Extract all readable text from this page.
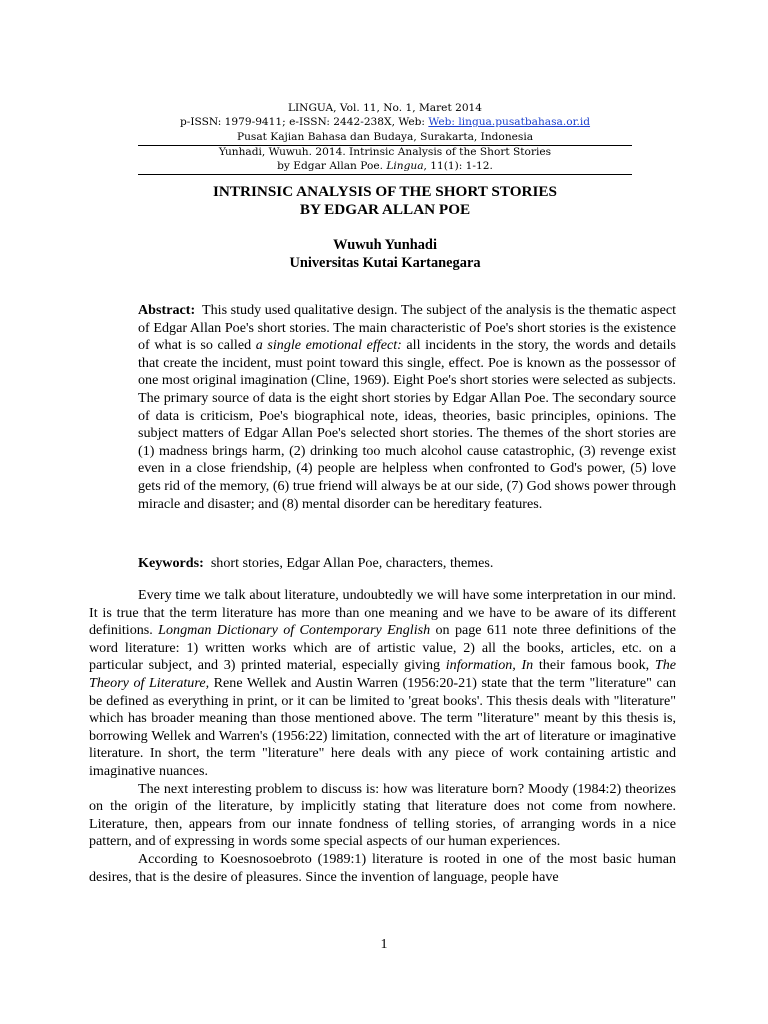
LINGUA, Vol. 11, No. 1, Maret 2014
p-ISSN: 1979-9411; e-ISSN: 2442-238X, Web: Web: lingua.pusatbahasa.or.id
Pusat Kajian Bahasa dan Budaya, Surakarta, Indonesia
Yunhadi, Wuwuh. 2014. Intrinsic Analysis of the Short Stories
by Edgar Allan Poe. Lingua, 11(1): 1-12.
INTRINSIC ANALYSIS OF THE SHORT STORIES
BY EDGAR ALLAN POE
Wuwuh Yunhadi
Universitas Kutai Kartanegara
Abstract: This study used qualitative design. The subject of the analysis is the thematic aspect of Edgar Allan Poe's short stories. The main characteristic of Poe's short stories is the existence of what is so called a single emotional effect: all incidents in the story, the words and details that create the incident, must point toward this single, effect. Poe is known as the possessor of one most original imagination (Cline, 1969). Eight Poe's short stories were selected as subjects. The primary source of data is the eight short stories by Edgar Allan Poe. The secondary source of data is criticism, Poe's biographical note, ideas, theories, basic principles, opinions. The subject matters of Edgar Allan Poe's selected short stories. The themes of the short stories are (1) madness brings harm, (2) drinking too much alcohol cause catastrophic, (3) revenge exist even in a close friendship, (4) people are helpless when confronted to God's power, (5) love gets rid of the memory, (6) true friend will always be at our side, (7) God shows power through miracle and disaster; and (8) mental disorder can be hereditary features.
Keywords: short stories, Edgar Allan Poe, characters, themes.

Every time we talk about literature, undoubtedly we will have some interpretation in our mind. It is true that the term literature has more than one meaning and we have to be aware of its different definitions. Longman Dictionary of Contemporary English on page 611 note three definitions of the word literature: 1) written works which are of artistic value, 2) all the books, articles, etc. on a particular subject, and 3) printed material, especially giving information, In their famous book, The Theory of Literature, Rene Wellek and Austin Warren (1956:20-21) state that the term "literature" can be defined as everything in print, or it can be limited to 'great books'. This thesis deals with "literature" which has broader meaning than those mentioned above. The term "literature" meant by this thesis is, borrowing Wellek and Warren's (1956:22) limitation, connected with the art of literature or imaginative literature. In short, the term "literature" here deals with any piece of work containing artistic and imaginative nuances.

The next interesting problem to discuss is: how was literature born? Moody (1984:2) theorizes on the origin of the literature, by implicitly stating that literature does not come from nowhere. Literature, then, appears from our innate fondness of telling stories, of arranging words in a nice pattern, and of expressing in words some special aspects of our human experiences.

According to Koesnosoebroto (1989:1) literature is rooted in one of the most basic human desires, that is the desire of pleasures. Since the invention of language, people have

1
